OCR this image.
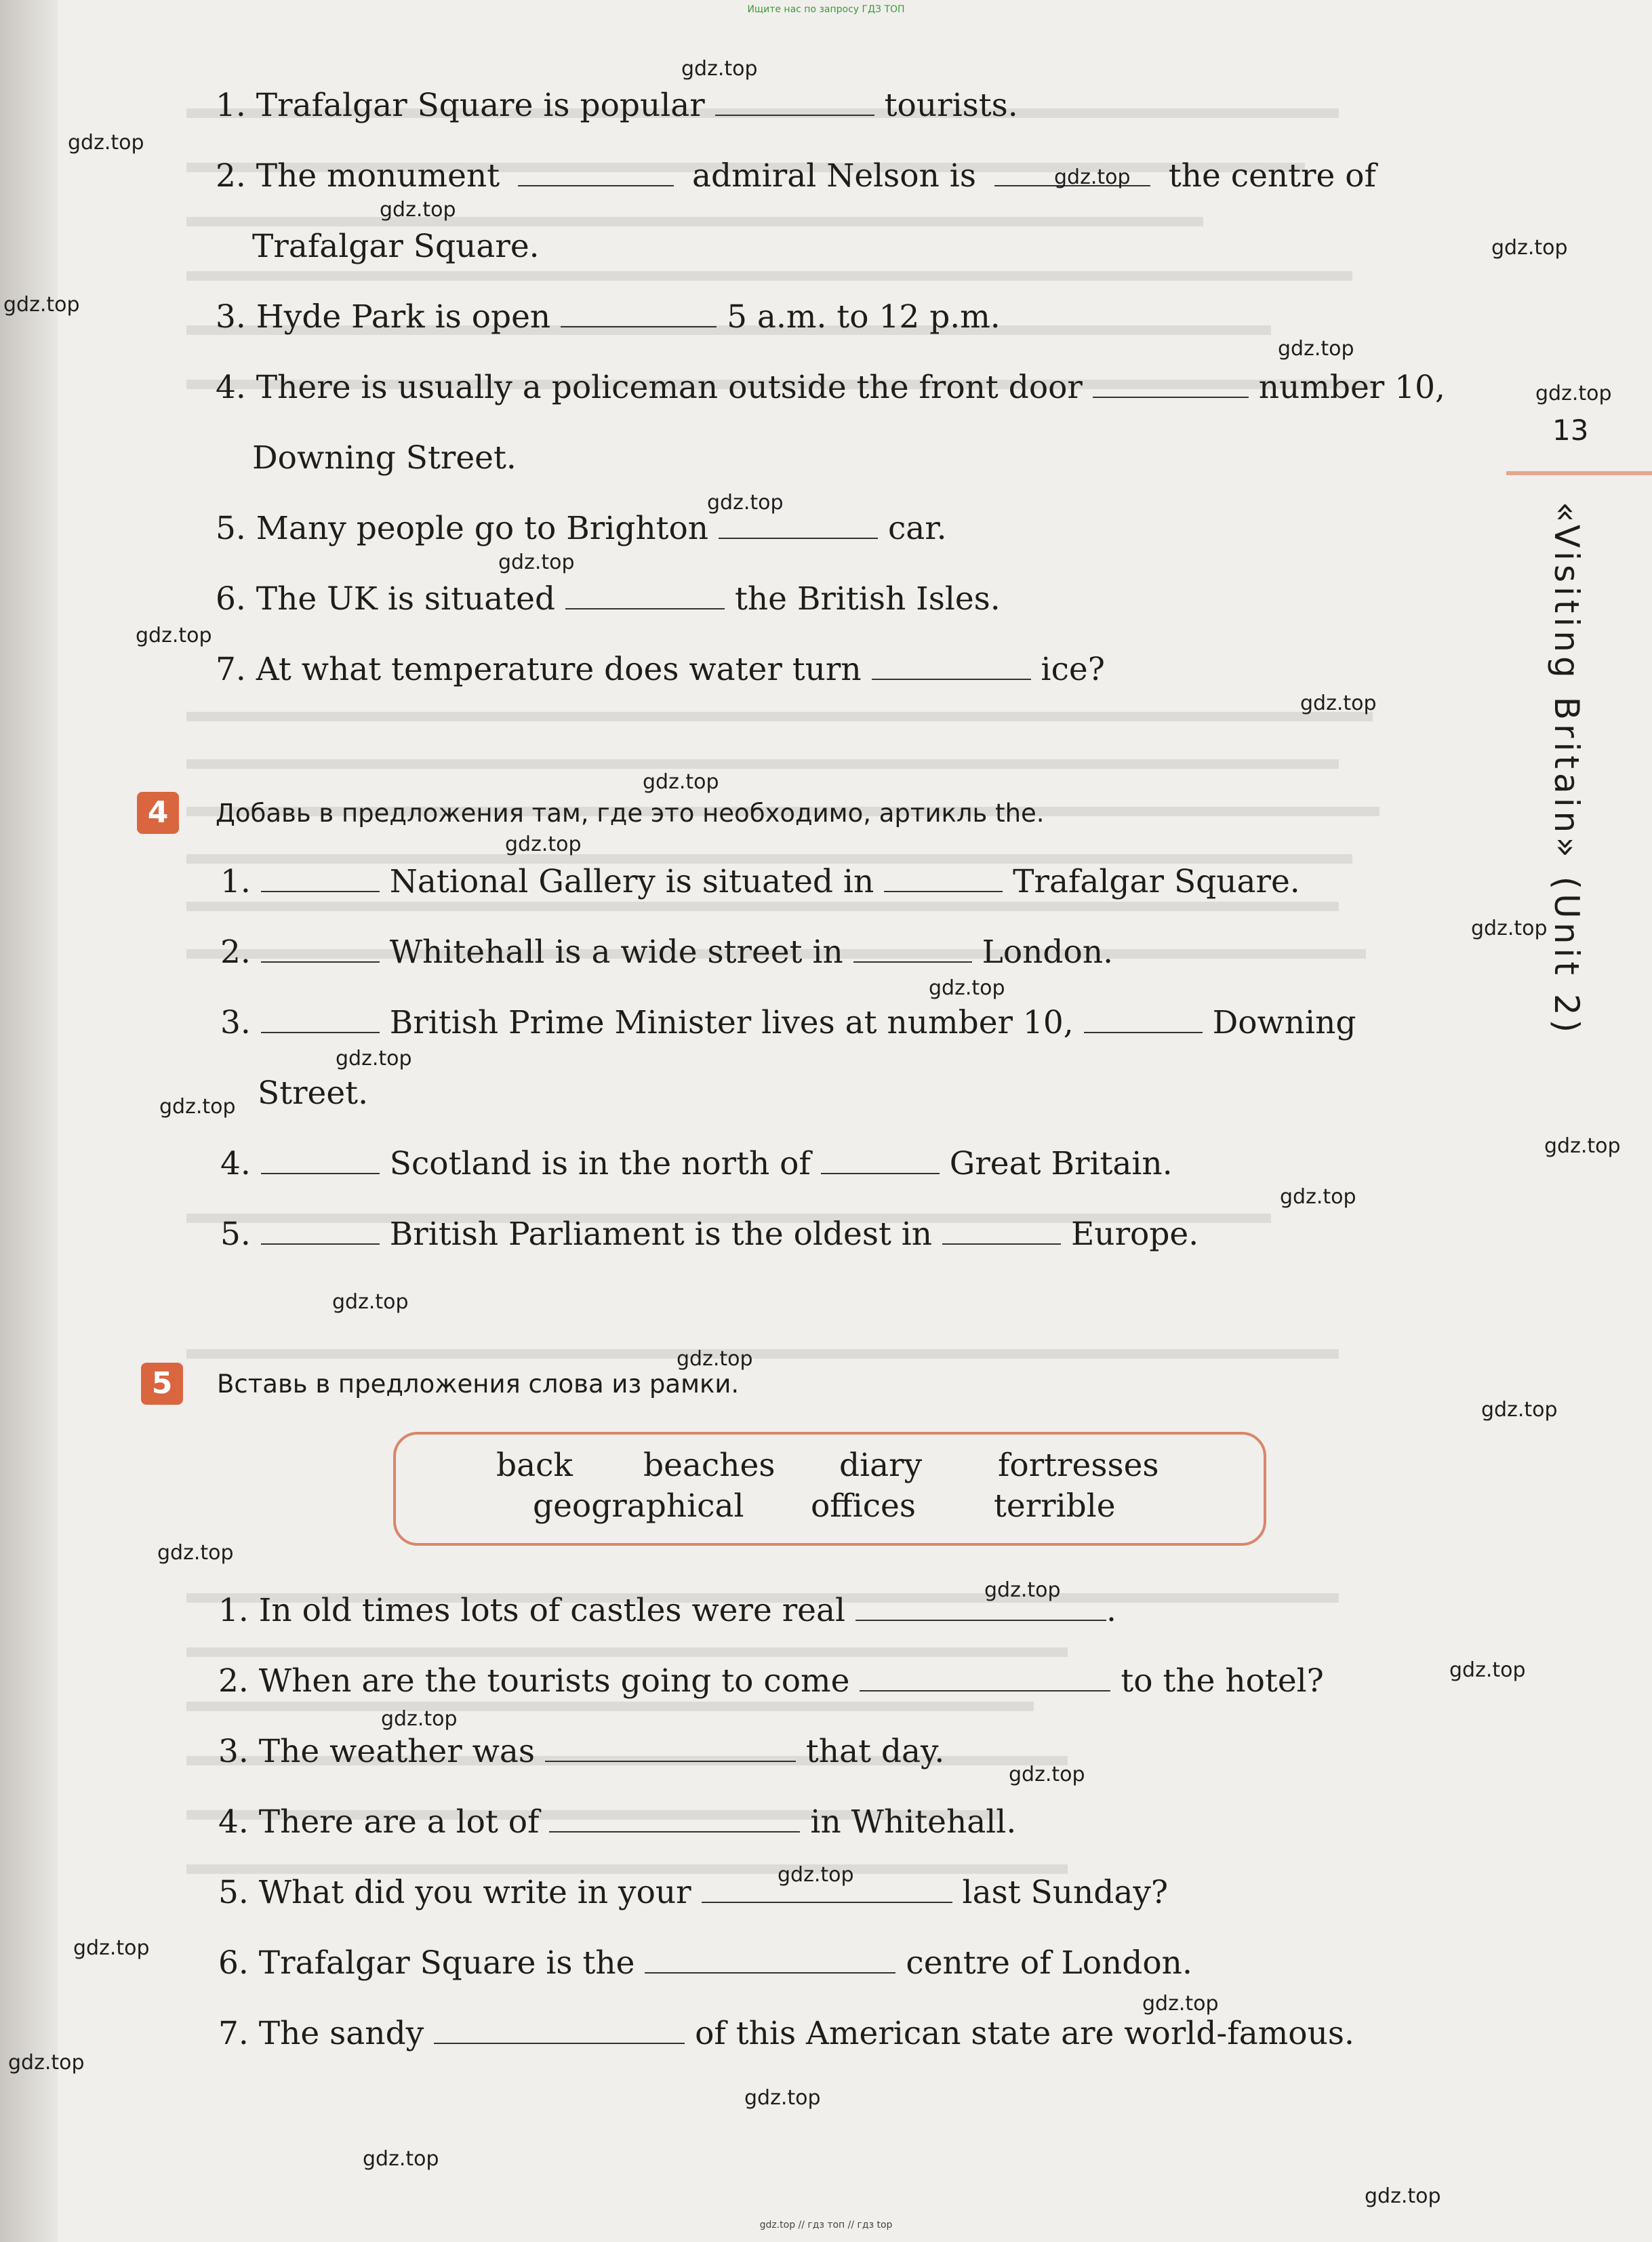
Ищите нас по запросу ГДЗ ТОП
1. Trafalgar Square is popular	tourists.
2. The monument	admiral Nelson is	the centre of
Trafalgar Square.
3. Hyde Park is open	5 a.m. to 12 p.m.
4. There is usually a policeman outside the front door	number 10,
Downing Street.
5. Many people go to Brighton	car.
6. The UK is situated	the British Isles.
7. At what temperature does water turn	ice?
4	Добавь в предложения там, где это необходимо, артикль the.
1.	National Gallery is situated in	Trafalgar Square.
2.	Whitehall is a wide street in	London.
3.	British Prime Minister lives at number 10,	Downing
Street.
4.	Scotland is in the north of	Great Britain.
5.	British Parliament is the oldest in	Europe.
5	Вставь в предложения слова из рамки.
back beaches diary fortresses
geographical offices terrible
1. In old times lots of castles were real	.
2. When are the tourists going to come	to the hotel?
3. The weather was	that day.
4. There are a lot of	in Whitehall.
5. What did you write in your	last Sunday?
6. Trafalgar Square is the	centre of London.
7. The sandy	of this American state are world-famous.
13
«Visiting Britain» (Unit 2)
gdz.top
gdz.top
gdz.top
gdz.top
gdz.top
gdz.top
gdz.top
gdz.top
gdz.top
gdz.top
gdz.top
gdz.top
gdz.top
gdz.top
gdz.top
gdz.top
gdz.top
gdz.top
gdz.top
gdz.top
gdz.top
gdz.top
gdz.top
gdz.top
gdz.top
gdz.top
gdz.top
gdz.top
gdz.top
gdz.top
gdz.top
gdz.top
gdz.top
gdz.top
gdz.top
gdz.top // гдз топ // гдз top
